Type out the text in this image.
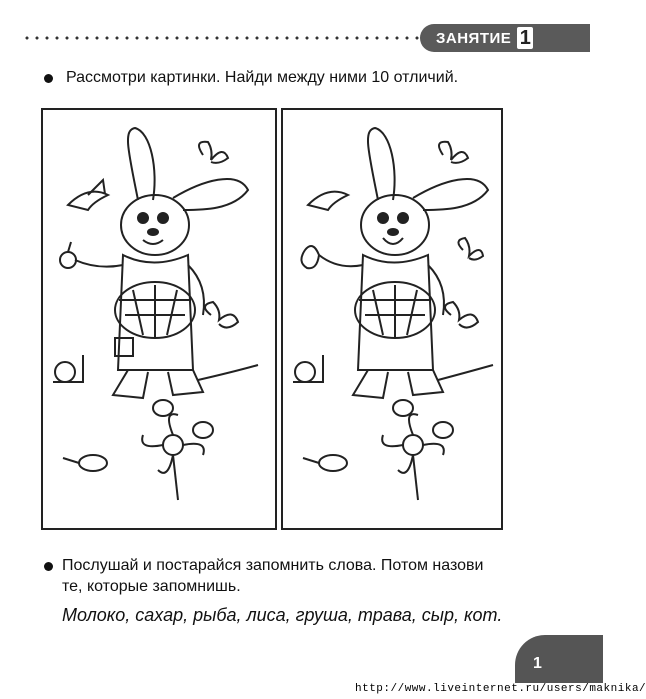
ЗАНЯТИЕ 1
Рассмотри картинки. Найди между ними 10 отличий.
Послушай и постарайся запомнить слова. Потом назови
те, которые запомнишь.
Молоко, сахар, рыба, лиса, груша, трава, сыр, кот.
1
http://www.liveinternet.ru/users/maknika/
